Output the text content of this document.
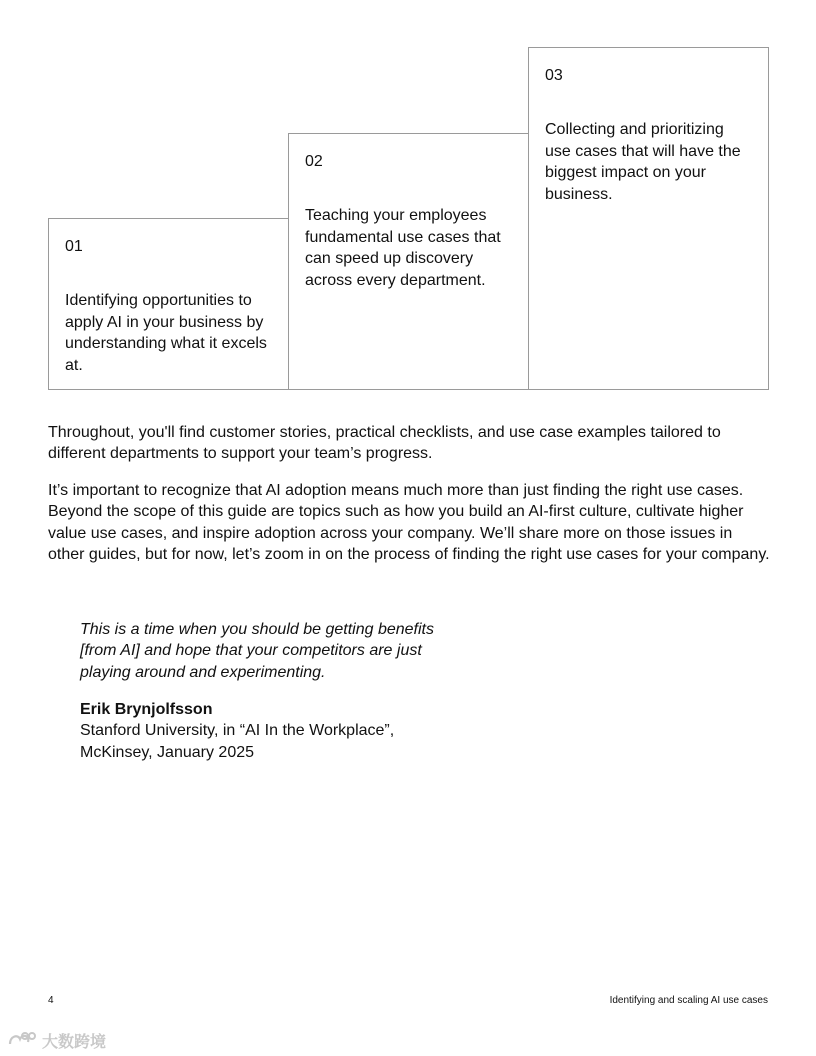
01
Identifying opportunities to apply AI in your business by understanding what it excels at.
02
Teaching your employees fundamental use cases that can speed up discovery across every department.
03
Collecting and prioritizing use cases that will have the biggest impact on your business.

Throughout, you'll find customer stories, practical checklists, and use case examples tailored to different departments to support your team’s progress.

It’s important to recognize that AI adoption means much more than just finding the right use cases. Beyond the scope of this guide are topics such as how you build an AI-first culture, cultivate higher value use cases, and inspire adoption across your company. We’ll share more on those issues in other guides, but for now, let’s zoom in on the process of finding the right use cases for your company.

This is a time when you should be getting benefits [from AI] and hope that your competitors are just playing around and experimenting.

Erik Brynjolfsson
Stanford University, in “AI In the Workplace”,
McKinsey, January 2025
4	Identifying and scaling AI use cases
大数跨境
